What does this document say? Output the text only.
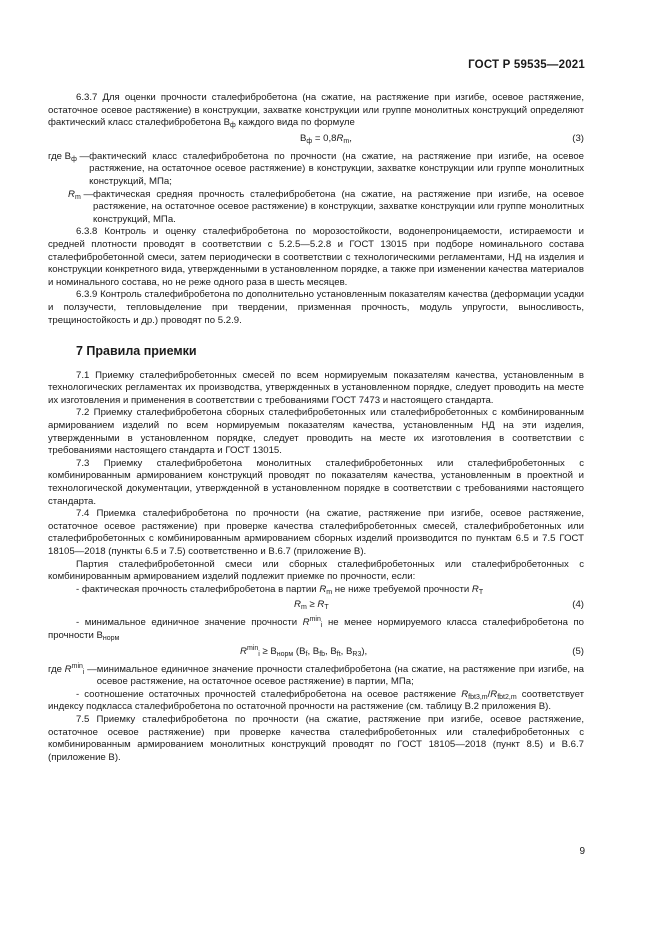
ГОСТ Р 59535—2021

6.3.7 Для оценки прочности сталефибробетона (на сжатие, на растяжение при изгибе, осевое растяжение, остаточное осевое растяжение) в конструкции, захватке конструкции или группе монолитных конструкций определяют фактический класс сталефибробетона $В_ф$ каждого вида по формуле

$В_ф = 0,8R_m$,	(3)
где $В_ф$ — фактический класс сталефибробетона по прочности (на сжатие, на растяжение при изгибе, на осевое растяжение, на остаточное осевое растяжение) в конструкции, захватке конструкции или группе монолитных конструкций, МПа;
$R_m$ — фактическая средняя прочность сталефибробетона (на сжатие, на растяжение при изгибе, на осевое растяжение, на остаточное осевое растяжение) в конструкции, захватке конструкции или группе монолитных конструкций, МПа.

6.3.8 Контроль и оценку сталефибробетона по морозостойкости, водонепроницаемости, истираемости и средней плотности проводят в соответствии с 5.2.5—5.2.8 и ГОСТ 13015 при подборе номинального состава сталефибробетонной смеси, затем периодически в соответствии с технологическими регламентами, НД на изделия и конструкции конкретного вида, утвержденными в установленном порядке, а также при изменении качества материалов и номинального состава, но не реже одного раза в шесть месяцев.

6.3.9 Контроль сталефибробетона по дополнительно установленным показателям качества (деформации усадки и ползучести, тепловыделение при твердении, призменная прочность, модуль упругости, выносливость, трещиностойкость и др.) проводят по 5.2.9.

7 Правила приемки

7.1 Приемку сталефибробетонных смесей по всем нормируемым показателям качества, установленным в технологических регламентах их производства, утвержденных в установленном порядке, следует проводить на месте их изготовления и применения в соответствии с требованиями ГОСТ 7473 и настоящего стандарта.

7.2 Приемку сталефибробетона сборных сталефибробетонных или сталефибробетонных с комбинированным армированием изделий по всем нормируемым показателям качества, установленным НД на эти изделия, утвержденными в установленном порядке, следует проводить на месте их изготовления в соответствии с требованиями настоящего стандарта и ГОСТ 13015.

7.3 Приемку сталефибробетона монолитных сталефибробетонных или сталефибробетонных с комбинированным армированием конструкций проводят по показателям качества, установленным в проектной и технологической документации, утвержденной в установленном порядке в соответствии с требованиями настоящего стандарта.

7.4 Приемка сталефибробетона по прочности (на сжатие, растяжение при изгибе, осевое растяжение, остаточное осевое растяжение) при проверке качества сталефибробетонных смесей, сталефибробетонных или сталефибробетонных с комбинированным армированием сборных изделий производится по пунктам 6.5 и 7.5 ГОСТ 18105—2018 (пункты 6.5 и 7.5) соответственно и В.6.7 (приложение В).

Партия сталефибробетонной смеси или сборных сталефибробетонных или сталефибробетонных с комбинированным армированием изделий подлежит приемке по прочности, если:

- фактическая прочность сталефибробетона в партии $R_m$ не ниже требуемой прочности $R_T$

$R_m \ge R_T$	(4)

- минимальное единичное значение прочности $R^{min}_i$ не менее нормируемого класса сталефибробетона по прочности $В_{норм}$

$R^{min}_i \ge В_{норм}$ ($В_f$, $В_{fb}$, $В_{ft}$, $В_{R3}$),	(5)
где $R^{min}_i$ — минимальное единичное значение прочности сталефибробетона (на сжатие, на растяжение при изгибе, на осевое растяжение, на остаточное осевое растяжение) в партии, МПа;

- соотношение остаточных прочностей сталефибробетона на осевое растяжение $R_{fbt3,m}/R_{fbt2,m}$ соответствует индексу подкласса сталефибробетона по остаточной прочности на растяжение (см. таблицу В.2 приложения В).

7.5 Приемку сталефибробетона по прочности (на сжатие, растяжение при изгибе, осевое растяжение, остаточное осевое растяжение) при проверке качества сталефибробетонных или сталефибробетонных с комбинированным армированием монолитных конструкций проводят по ГОСТ 18105—2018 (пункт 8.5) и В.6.7 (приложение В).

9
